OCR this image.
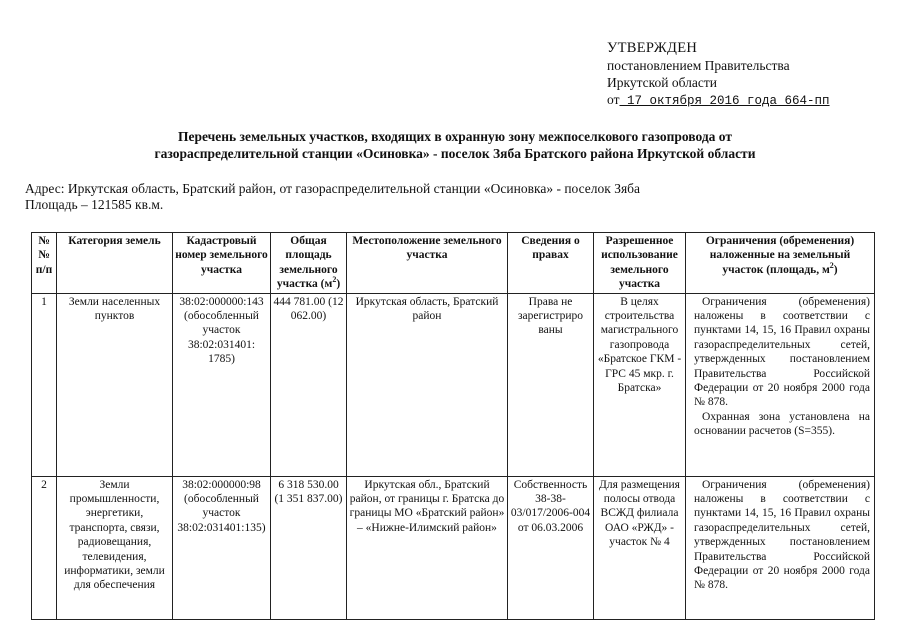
УТВЕРЖДЕН
постановлением Правительства
Иркутской области
от 17 октября 2016 года 664-пп
Перечень земельных участков, входящих в охранную зону межпоселкового газопровода от
газораспределительной станции «Осиновка» - поселок Зяба Братского района Иркутской области
Адрес: Иркутская область, Братский район, от газораспределительной станции «Осиновка» - поселок Зяба
Площадь – 121585 кв.м.
№№ п/п	Категория земель	Кадастровый номер земельного участка	Общая площадь земельного участка $(м^2)$	Местоположение земельного участка	Сведения о правах	Разрешенное использование земельного участка	Ограничения (обременения) наложенные на земельный участок (площадь, $м^2$)
1	Земли населенных пунктов	38:02:000000:143 (обособленный участок 38:02:031401: 1785)	444 781.00 (12 062.00)	Иркутская область, Братский район	Права не зарегистриро ваны	В целях строительства магистрального газопровода «Братское ГКМ - ГРС 45 мкр. г. Братска»	Ограничения (обременения) наложены в соответствии с пунктами 14, 15, 16 Правил охраны газораспределительных сетей, утвержденных постановлением Правительства Российской Федерации от 20 ноября 2000 года № 878.
Охранная зона установлена на основании расчетов (S=355).

2	Земли промышленности, энергетики, транспорта, связи, радиовещания, телевидения, информатики, земли для обеспечения	38:02:000000:98 (обособленный участок 38:02:031401:135)	6 318 530.00 (1 351 837.00)	Иркутская обл., Братский район, от границы г. Братска до границы МО «Братский район» – «Нижне-Илимский район»	Собственность 38-38-03/017/2006-004 от 06.03.2006	Для размещения полосы отвода ВСЖД филиала ОАО «РЖД» - участок № 4	Ограничения (обременения) наложены в соответствии с пунктами 14, 15, 16 Правил охраны газораспределительных сетей, утвержденных постановлением Правительства Российской Федерации от 20 ноября 2000 года № 878.
